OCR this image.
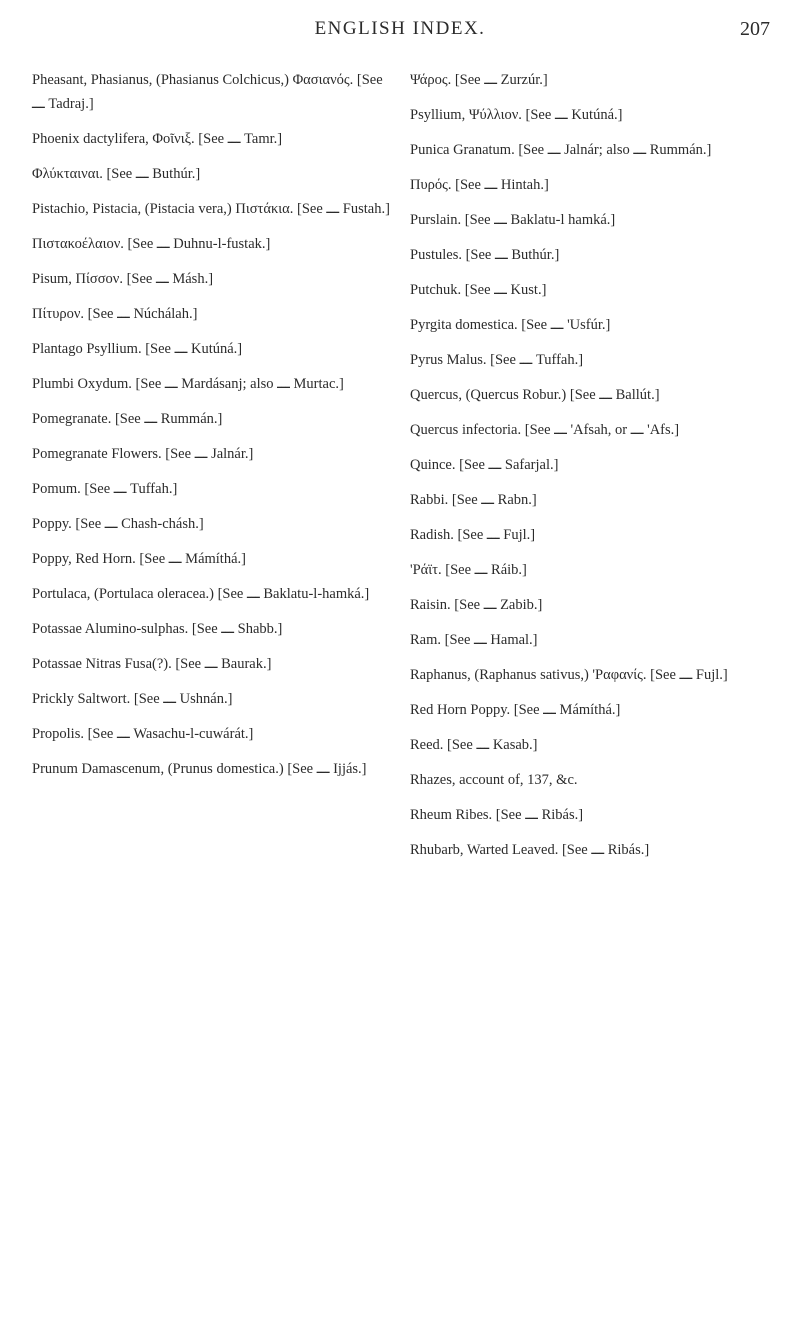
ENGLISH INDEX.	207

Pheasant, Phasianus, (Phasianus Colchicus,) Φασιανός. [See ـــ Tadraj.]

Phoenix dactylifera, Φοῖνιξ. [See ـــ Tamr.]

Φλύκταιναι. [See ـــ Buthúr.]

Pistachio, Pistacia, (Pistacia vera,) Πιστάκια. [See ـــ Fustah.]

Πιστακοέλαιον. [See ـــ Duhnu-l-fustak.]

Pisum, Πίσσον. [See ـــ Másh.]

Πίτυρον. [See ـــ Núchálah.]

Plantago Psyllium. [See ـــ Kutúná.]

Plumbi Oxydum. [See ـــ Mardásanj; also ـــ Murtac.]

Pomegranate. [See ـــ Rummán.]

Pomegranate Flowers. [See ـــ Jalnár.]

Pomum. [See ـــ Tuffah.]

Poppy. [See ـــ Chash-chásh.]

Poppy, Red Horn. [See ـــ Mámíthá.]

Portulaca, (Portulaca oleracea.) [See ـــ Baklatu-l-hamká.]

Potassae Alumino-sulphas. [See ـــ Shabb.]

Potassae Nitras Fusa(?). [See ـــ Baurak.]

Prickly Saltwort. [See ـــ Ushnán.]

Propolis. [See ـــ Wasachu-l-cuwárát.]

Prunum Damascenum, (Prunus domestica.) [See ـــ Ijjás.]

Ψάρος. [See ـــ Zurzúr.]

Psyllium, Ψύλλιον. [See ـــ Kutúná.]

Punica Granatum. [See ـــ Jalnár; also ـــ Rummán.]

Πυρός. [See ـــ Hintah.]

Purslain. [See ـــ Baklatu-l hamká.]

Pustules. [See ـــ Buthúr.]

Putchuk. [See ـــ Kust.]

Pyrgita domestica. [See ـــ 'Usfúr.]

Pyrus Malus. [See ـــ Tuffah.]

Quercus, (Quercus Robur.) [See ـــ Ballút.]

Quercus infectoria. [See ـــ 'Afsah, or ـــ 'Afs.]

Quince. [See ـــ Safarjal.]

Rabbi. [See ـــ Rabn.]

Radish. [See ـــ Fujl.]

'Ράϊτ. [See ـــ Ráib.]

Raisin. [See ـــ Zabib.]

Ram. [See ـــ Hamal.]

Raphanus, (Raphanus sativus,) 'Ραφανίς. [See ـــ Fujl.]

Red Horn Poppy. [See ـــ Mámíthá.]

Reed. [See ـــ Kasab.]

Rhazes, account of, 137, &c.

Rheum Ribes. [See ـــ Ribás.]

Rhubarb, Warted Leaved. [See ـــ Ribás.]
